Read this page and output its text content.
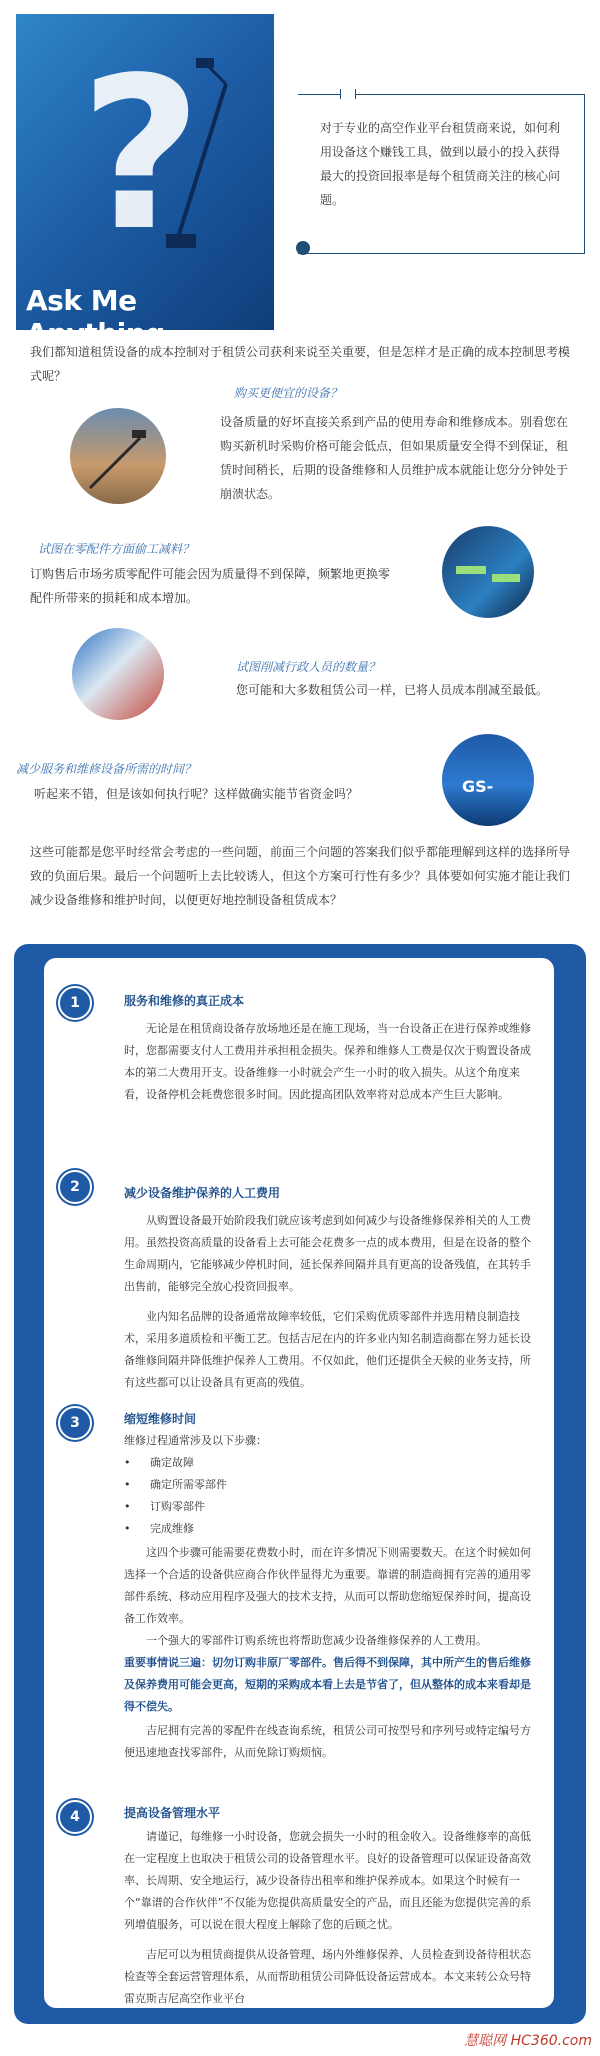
?
Ask Me Anything
对于专业的高空作业平台租赁商来说，如何利用设备这个赚钱工具，做到以最小的投入获得最大的投资回报率是每个租赁商关注的核心问题。
我们都知道租赁设备的成本控制对于租赁公司获利来说至关重要，但是怎样才是正确的成本控制思考模式呢？
购买更便宜的设备？
设备质量的好坏直接关系到产品的使用寿命和维修成本。别看您在购买新机时采购价格可能会低点，但如果质量安全得不到保证，租赁时间稍长，后期的设备维修和人员维护成本就能让您分分钟处于崩溃状态。
试图在零配件方面偷工减料？
订购售后市场劣质零配件可能会因为质量得不到保障，频繁地更换零配件所带来的损耗和成本增加。
试图削减行政人员的数量？
您可能和大多数租赁公司一样，已将人员成本削减至最低。
减少服务和维修设备所需的时间？
听起来不错，但是该如何执行呢？这样做确实能节省资金吗？	GS-
这些可能都是您平时经常会考虑的一些问题，前面三个问题的答案我们似乎都能理解到这样的选择所导致的负面后果。最后一个问题听上去比较诱人，但这个方案可行性有多少？具体要如何实施才能让我们减少设备维修和维护时间，以便更好地控制设备租赁成本？
1	服务和维修的真正成本
无论是在租赁商设备存放场地还是在施工现场，当一台设备正在进行保养或维修时，您都需要支付人工费用并承担租金损失。保养和维修人工费是仅次于购置设备成本的第二大费用开支。设备维修一小时就会产生一小时的收入损失。从这个角度来看，设备停机会耗费您很多时间。因此提高团队效率将对总成本产生巨大影响。
2	减少设备维护保养的人工费用
从购置设备最开始阶段我们就应该考虑到如何减少与设备维修保养相关的人工费用。虽然投资高质量的设备看上去可能会花费多一点的成本费用，但是在设备的整个生命周期内，它能够减少停机时间，延长保养间隔并具有更高的设备残值，在其转手出售前，能够完全放心投资回报率。
业内知名品牌的设备通常故障率较低，它们采购优质零部件并选用精良制造技术，采用多道质检和平衡工艺。包括吉尼在内的许多业内知名制造商都在努力延长设备维修间隔并降低维护保养人工费用。不仅如此，他们还提供全天候的业务支持，所有这些都可以让设备具有更高的残值。
3	缩短维修时间
维修过程通常涉及以下步骤：
• 确定故障
• 确定所需零部件
• 订购零部件
• 完成维修
这四个步骤可能需要花费数小时，而在许多情况下则需要数天。在这个时候如何选择一个合适的设备供应商合作伙伴显得尤为重要。靠谱的制造商拥有完善的通用零部件系统、移动应用程序及强大的技术支持，从而可以帮助您缩短保养时间，提高设备工作效率。
一个强大的零部件订购系统也将帮助您减少设备维修保养的人工费用。
重要事情说三遍：切勿订购非原厂零部件。售后得不到保障，其中所产生的售后维修及保养费用可能会更高，短期的采购成本看上去是节省了，但从整体的成本来看却是得不偿失。
吉尼拥有完善的零配件在线查询系统，租赁公司可按型号和序列号或特定编号方便迅速地查找零部件，从而免除订购烦恼。
4	提高设备管理水平
请谨记，每维修一小时设备，您就会损失一小时的租金收入。设备维修率的高低在一定程度上也取决于租赁公司的设备管理水平。良好的设备管理可以保证设备高效率、长周期、安全地运行，减少设备待出租率和维护保养成本。如果这个时候有一个“靠谱的合作伙伴”不仅能为您提供高质量安全的产品，而且还能为您提供完善的系列增值服务，可以说在很大程度上解除了您的后顾之忧。
吉尼可以为租赁商提供从设备管理、场内外维修保养、人员检查到设备待租状态检查等全套运营管理体系，从而帮助租赁公司降低设备运营成本。本文来转公众号特雷克斯吉尼高空作业平台
慧聪网 HC360.com
